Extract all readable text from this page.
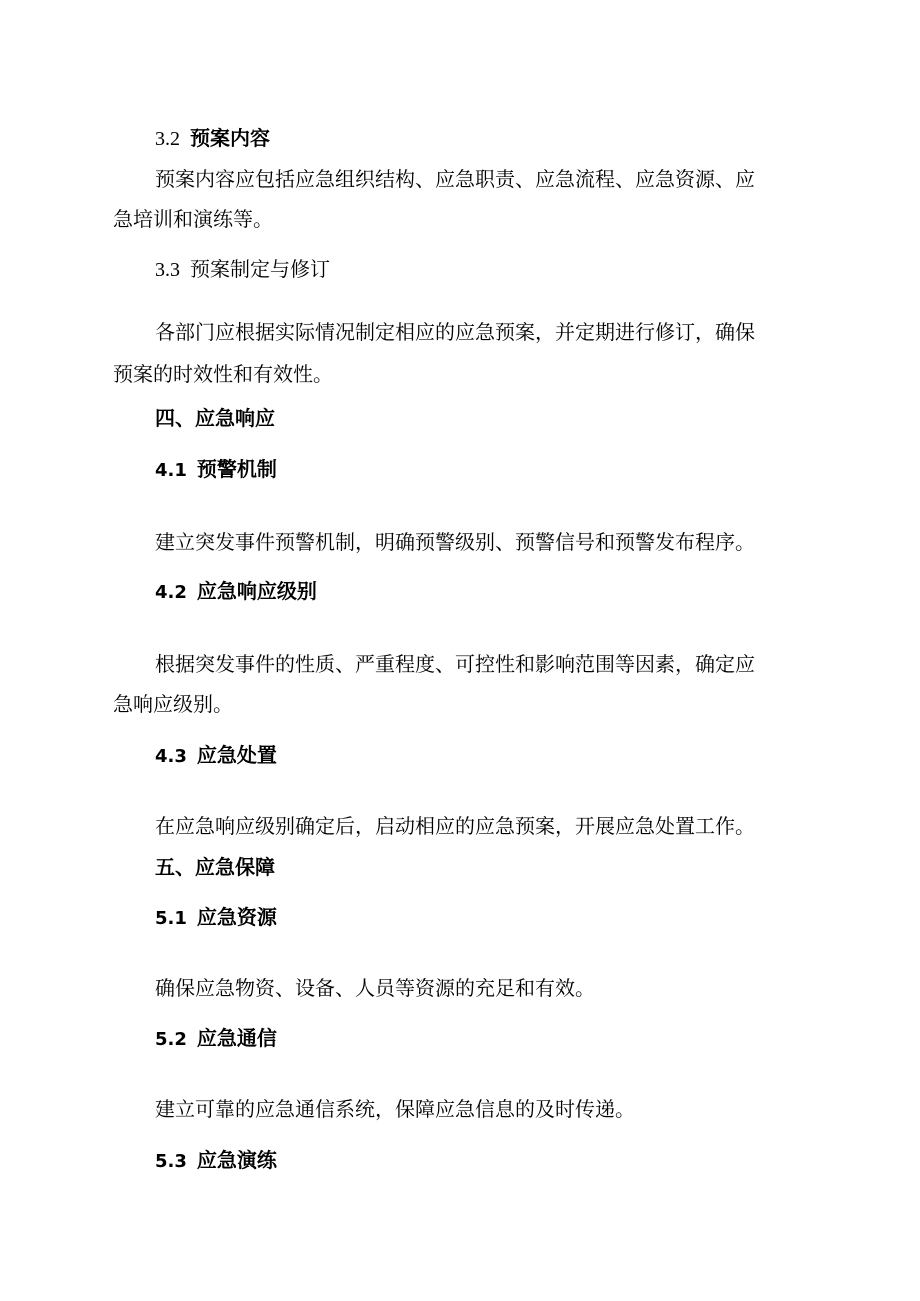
3.2 预案内容
预案内容应包括应急组织结构、应急职责、应急流程、应急资源、应
急培训和演练等。
3.3 预案制定与修订
各部门应根据实际情况制定相应的应急预案，并定期进行修订，确保
预案的时效性和有效性。
四、应急响应
4.1 预警机制
建立突发事件预警机制，明确预警级别、预警信号和预警发布程序。
4.2 应急响应级别
根据突发事件的性质、严重程度、可控性和影响范围等因素，确定应
急响应级别。
4.3 应急处置
在应急响应级别确定后，启动相应的应急预案，开展应急处置工作。
五、应急保障
5.1 应急资源
确保应急物资、设备、人员等资源的充足和有效。
5.2 应急通信
建立可靠的应急通信系统，保障应急信息的及时传递。
5.3 应急演练
